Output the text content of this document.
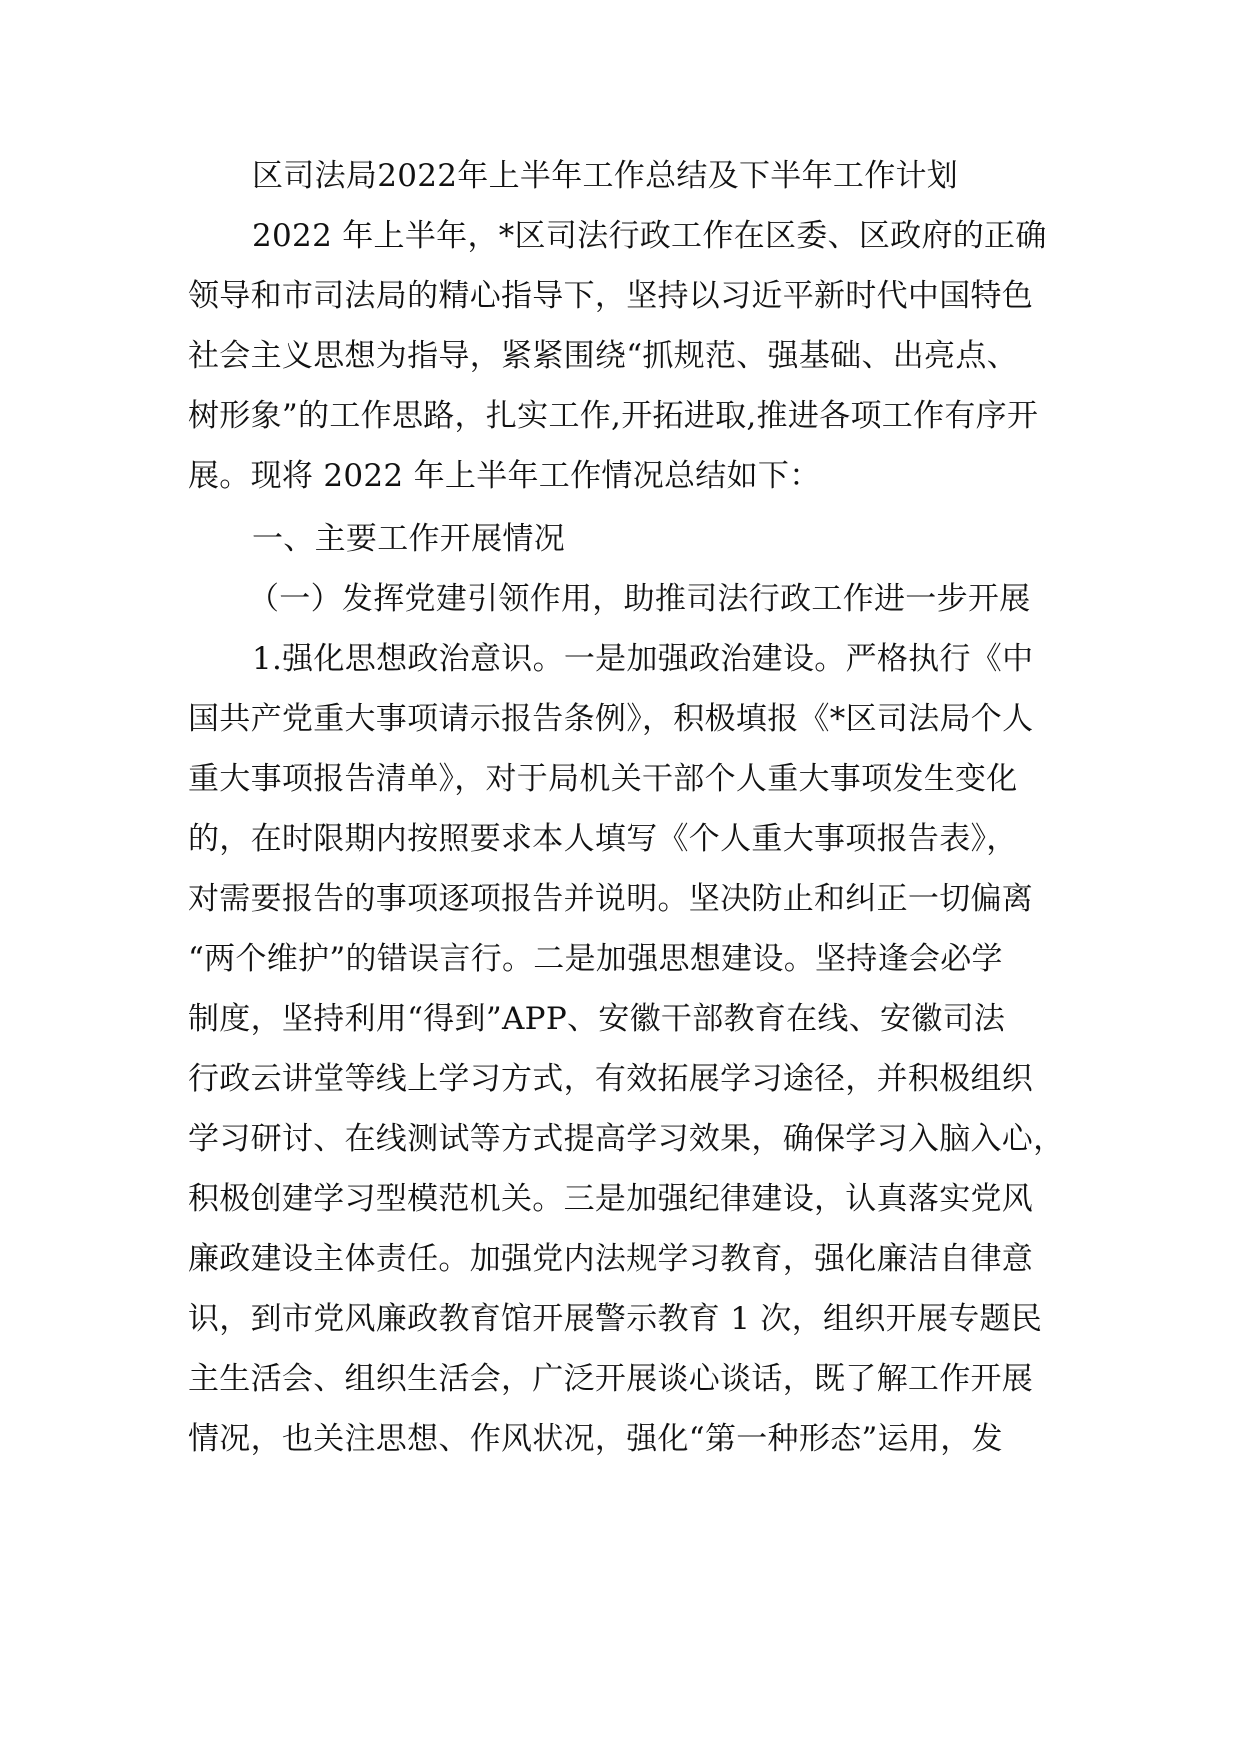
区司法局2022年上半年工作总结及下半年工作计划
2022 年上半年，*区司法行政工作在区委、区政府的正确
领导和市司法局的精心指导下，坚持以习近平新时代中国特色
社会主义思想为指导，紧紧围绕“抓规范、强基础、出亮点、
树形象”的工作思路，扎实工作,开拓进取,推进各项工作有序开
展。现将 2022 年上半年工作情况总结如下：
一、主要工作开展情况
（一）发挥党建引领作用，助推司法行政工作进一步开展
1.强化思想政治意识。一是加强政治建设。严格执行《中
国共产党重大事项请示报告条例》，积极填报《*区司法局个人
重大事项报告清单》，对于局机关干部个人重大事项发生变化
的，在时限期内按照要求本人填写《个人重大事项报告表》，
对需要报告的事项逐项报告并说明。坚决防止和纠正一切偏离
“两个维护”的错误言行。二是加强思想建设。坚持逢会必学
制度，坚持利用“得到”APP、安徽干部教育在线、安徽司法
行政云讲堂等线上学习方式，有效拓展学习途径，并积极组织
学习研讨、在线测试等方式提高学习效果，确保学习入脑入心，
积极创建学习型模范机关。三是加强纪律建设，认真落实党风
廉政建设主体责任。加强党内法规学习教育，强化廉洁自律意
识，到市党风廉政教育馆开展警示教育 1 次，组织开展专题民
主生活会、组织生活会，广泛开展谈心谈话，既了解工作开展
情况，也关注思想、作风状况，强化“第一种形态”运用，发
